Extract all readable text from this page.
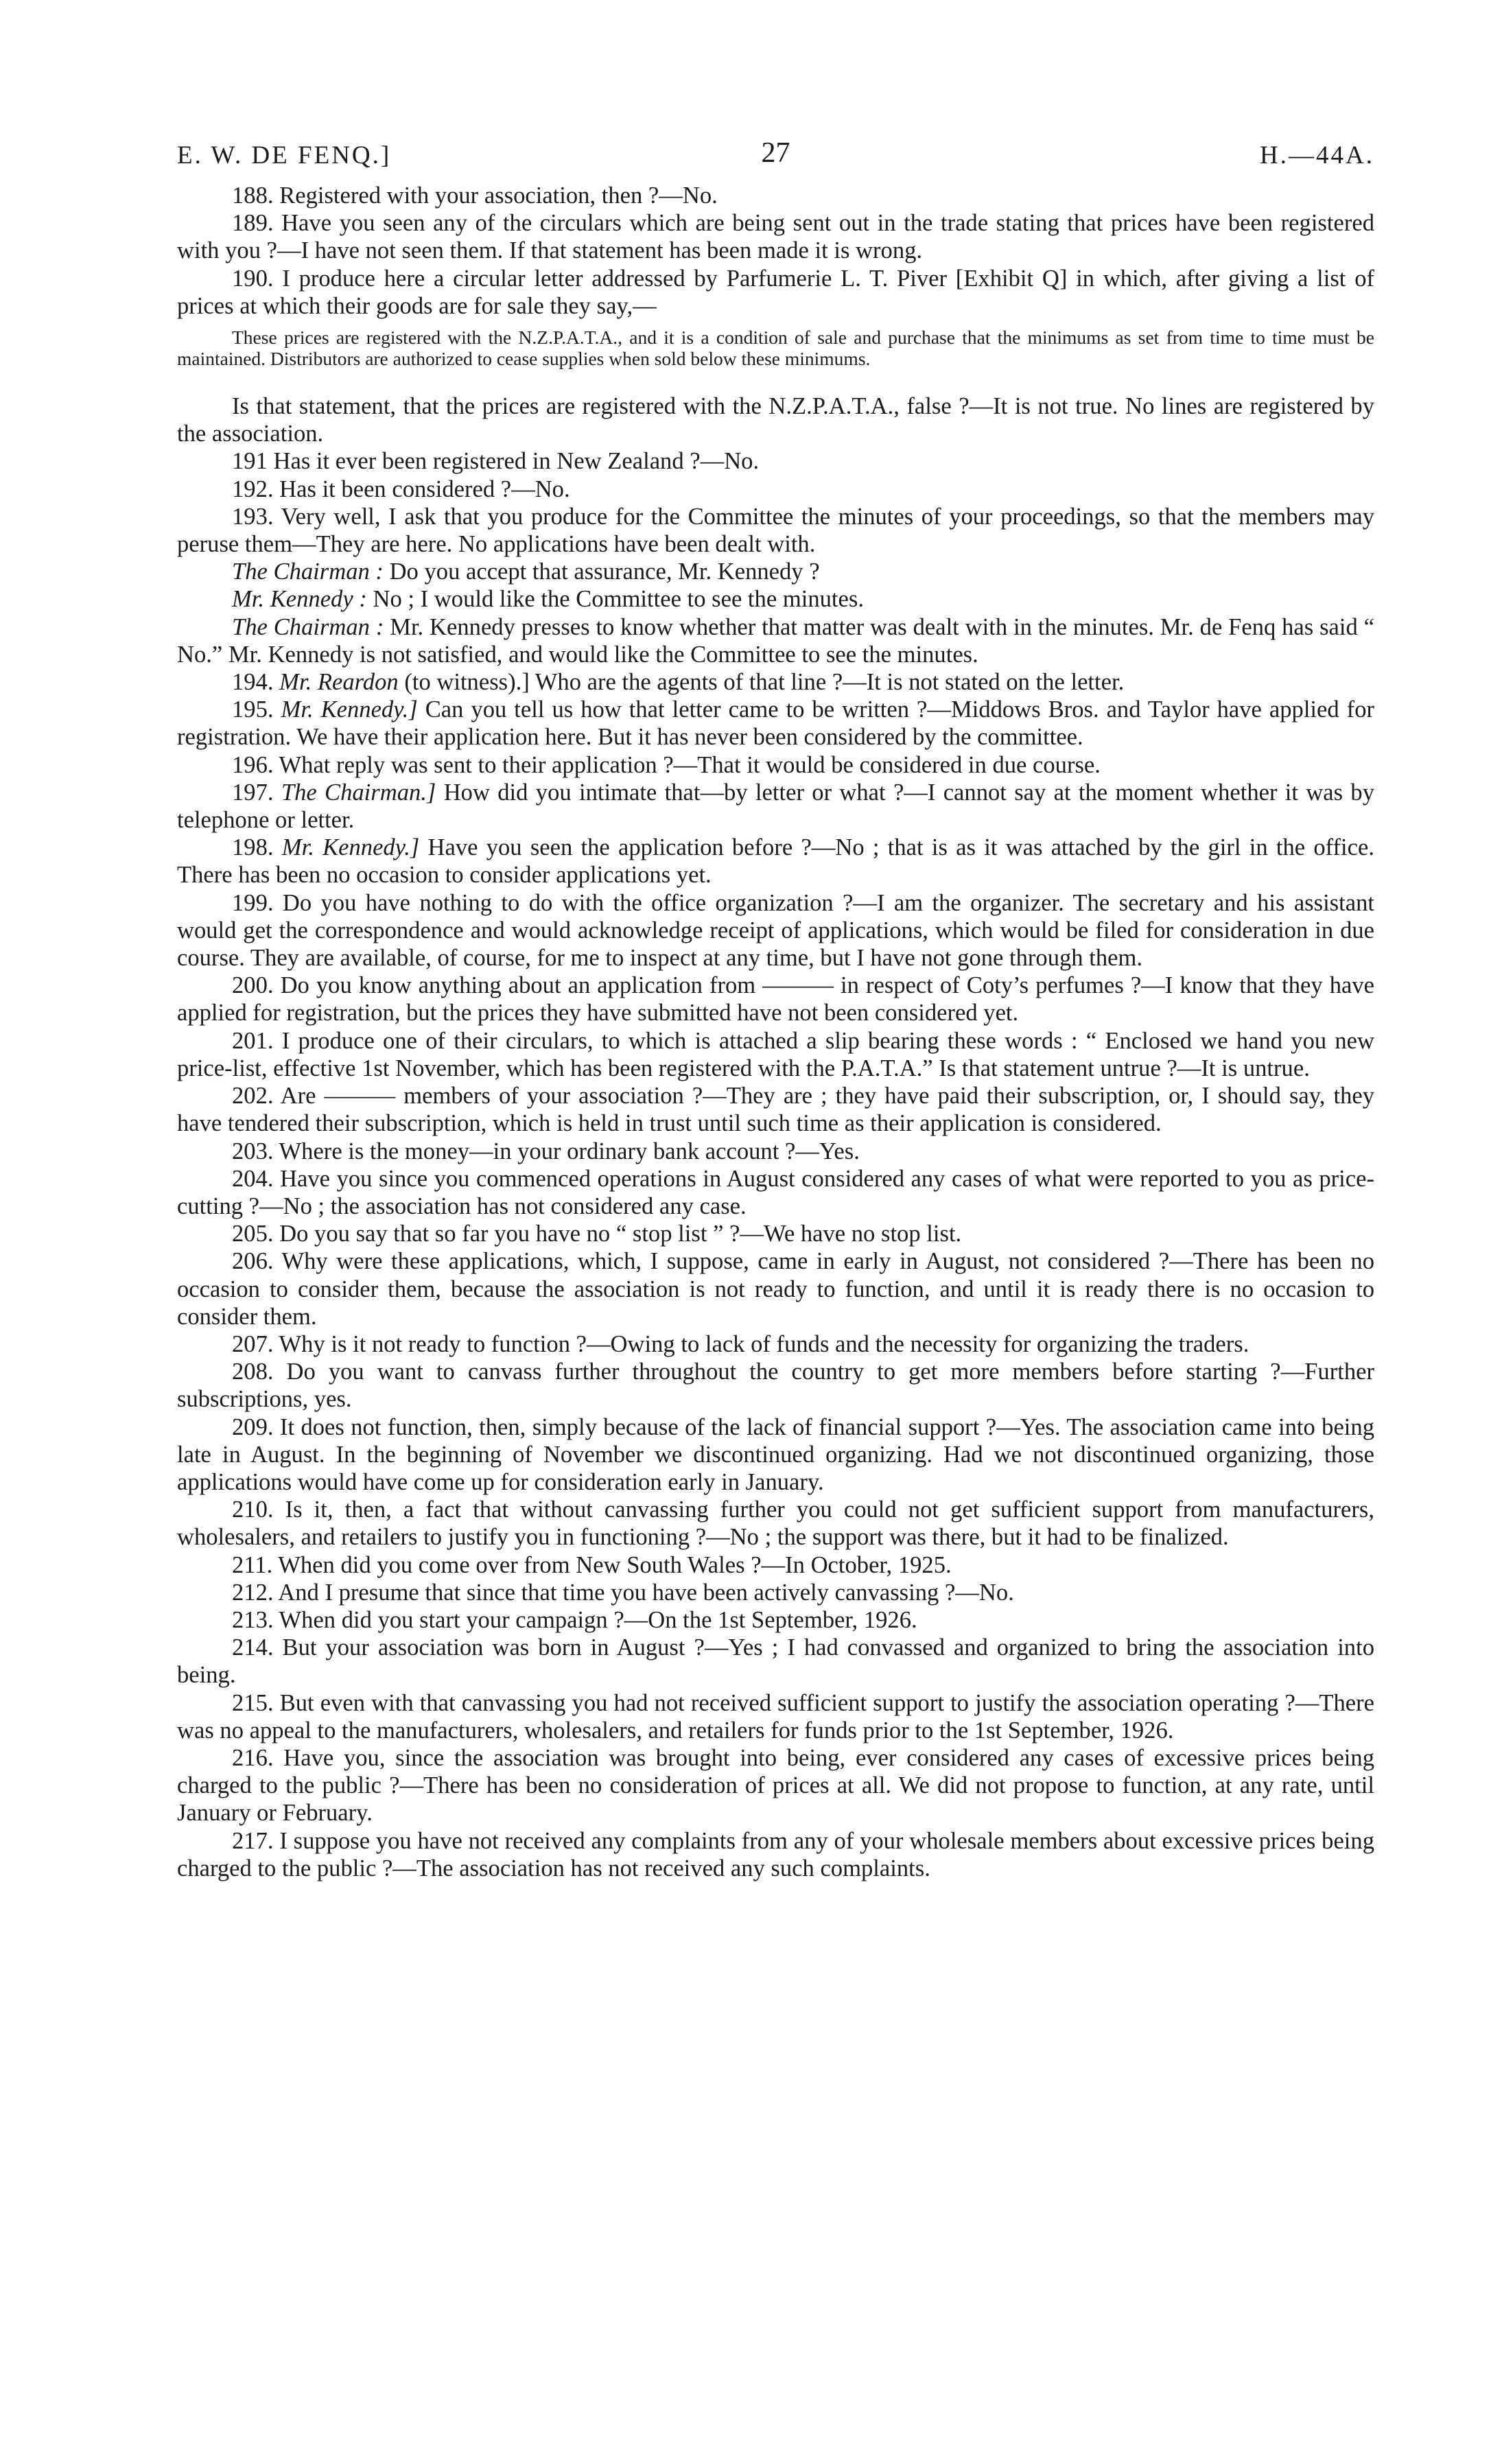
E. W. DE FENQ.]	27	H.—44A.

188. Registered with your association, then ?—No.

189. Have you seen any of the circulars which are being sent out in the trade stating that prices have been registered with you ?—I have not seen them. If that statement has been made it is wrong.

190. I produce here a circular letter addressed by Parfumerie L. T. Piver [Exhibit Q] in which, after giving a list of prices at which their goods are for sale they say,—

These prices are registered with the N.Z.P.A.T.A., and it is a condition of sale and purchase that the minimums as set from time to time must be maintained. Distributors are authorized to cease supplies when sold below these minimums.

Is that statement, that the prices are registered with the N.Z.P.A.T.A., false ?—It is not true. No lines are registered by the association.

191 Has it ever been registered in New Zealand ?—No.

192. Has it been considered ?—No.

193. Very well, I ask that you produce for the Committee the minutes of your proceedings, so that the members may peruse them—They are here. No applications have been dealt with.

The Chairman : Do you accept that assurance, Mr. Kennedy ?

Mr. Kennedy : No ; I would like the Committee to see the minutes.

The Chairman : Mr. Kennedy presses to know whether that matter was dealt with in the minutes. Mr. de Fenq has said “ No.” Mr. Kennedy is not satisfied, and would like the Committee to see the minutes.

194. Mr. Reardon (to witness).] Who are the agents of that line ?—It is not stated on the letter.

195. Mr. Kennedy.] Can you tell us how that letter came to be written ?—Middows Bros. and Taylor have applied for registration. We have their application here. But it has never been considered by the committee.

196. What reply was sent to their application ?—That it would be considered in due course.

197. The Chairman.] How did you intimate that—by letter or what ?—I cannot say at the moment whether it was by telephone or letter.

198. Mr. Kennedy.] Have you seen the application before ?—No ; that is as it was attached by the girl in the office. There has been no occasion to consider applications yet.

199. Do you have nothing to do with the office organization ?—I am the organizer. The secretary and his assistant would get the correspondence and would acknowledge receipt of applications, which would be filed for consideration in due course. They are available, of course, for me to inspect at any time, but I have not gone through them.

200. Do you know anything about an application from ——— in respect of Coty’s perfumes ?—I know that they have applied for registration, but the prices they have submitted have not been considered yet.

201. I produce one of their circulars, to which is attached a slip bearing these words : “ Enclosed we hand you new price-list, effective 1st November, which has been registered with the P.A.T.A.” Is that statement untrue ?—It is untrue.

202. Are ——— members of your association ?—They are ; they have paid their subscription, or, I should say, they have tendered their subscription, which is held in trust until such time as their application is considered.

203. Where is the money—in your ordinary bank account ?—Yes.

204. Have you since you commenced operations in August considered any cases of what were reported to you as price-cutting ?—No ; the association has not considered any case.

205. Do you say that so far you have no “ stop list ” ?—We have no stop list.

206. Why were these applications, which, I suppose, came in early in August, not considered ?—There has been no occasion to consider them, because the association is not ready to function, and until it is ready there is no occasion to consider them.

207. Why is it not ready to function ?—Owing to lack of funds and the necessity for organizing the traders.

208. Do you want to canvass further throughout the country to get more members before starting ?—Further subscriptions, yes.

209. It does not function, then, simply because of the lack of financial support ?—Yes. The association came into being late in August. In the beginning of November we discontinued organizing. Had we not discontinued organizing, those applications would have come up for consideration early in January.

210. Is it, then, a fact that without canvassing further you could not get sufficient support from manufacturers, wholesalers, and retailers to justify you in functioning ?—No ; the support was there, but it had to be finalized.

211. When did you come over from New South Wales ?—In October, 1925.

212. And I presume that since that time you have been actively canvassing ?—No.

213. When did you start your campaign ?—On the 1st September, 1926.

214. But your association was born in August ?—Yes ; I had convassed and organized to bring the association into being.

215. But even with that canvassing you had not received sufficient support to justify the association operating ?—There was no appeal to the manufacturers, wholesalers, and retailers for funds prior to the 1st September, 1926.

216. Have you, since the association was brought into being, ever considered any cases of excessive prices being charged to the public ?—There has been no consideration of prices at all. We did not propose to function, at any rate, until January or February.

217. I suppose you have not received any complaints from any of your wholesale members about excessive prices being charged to the public ?—The association has not received any such complaints.
